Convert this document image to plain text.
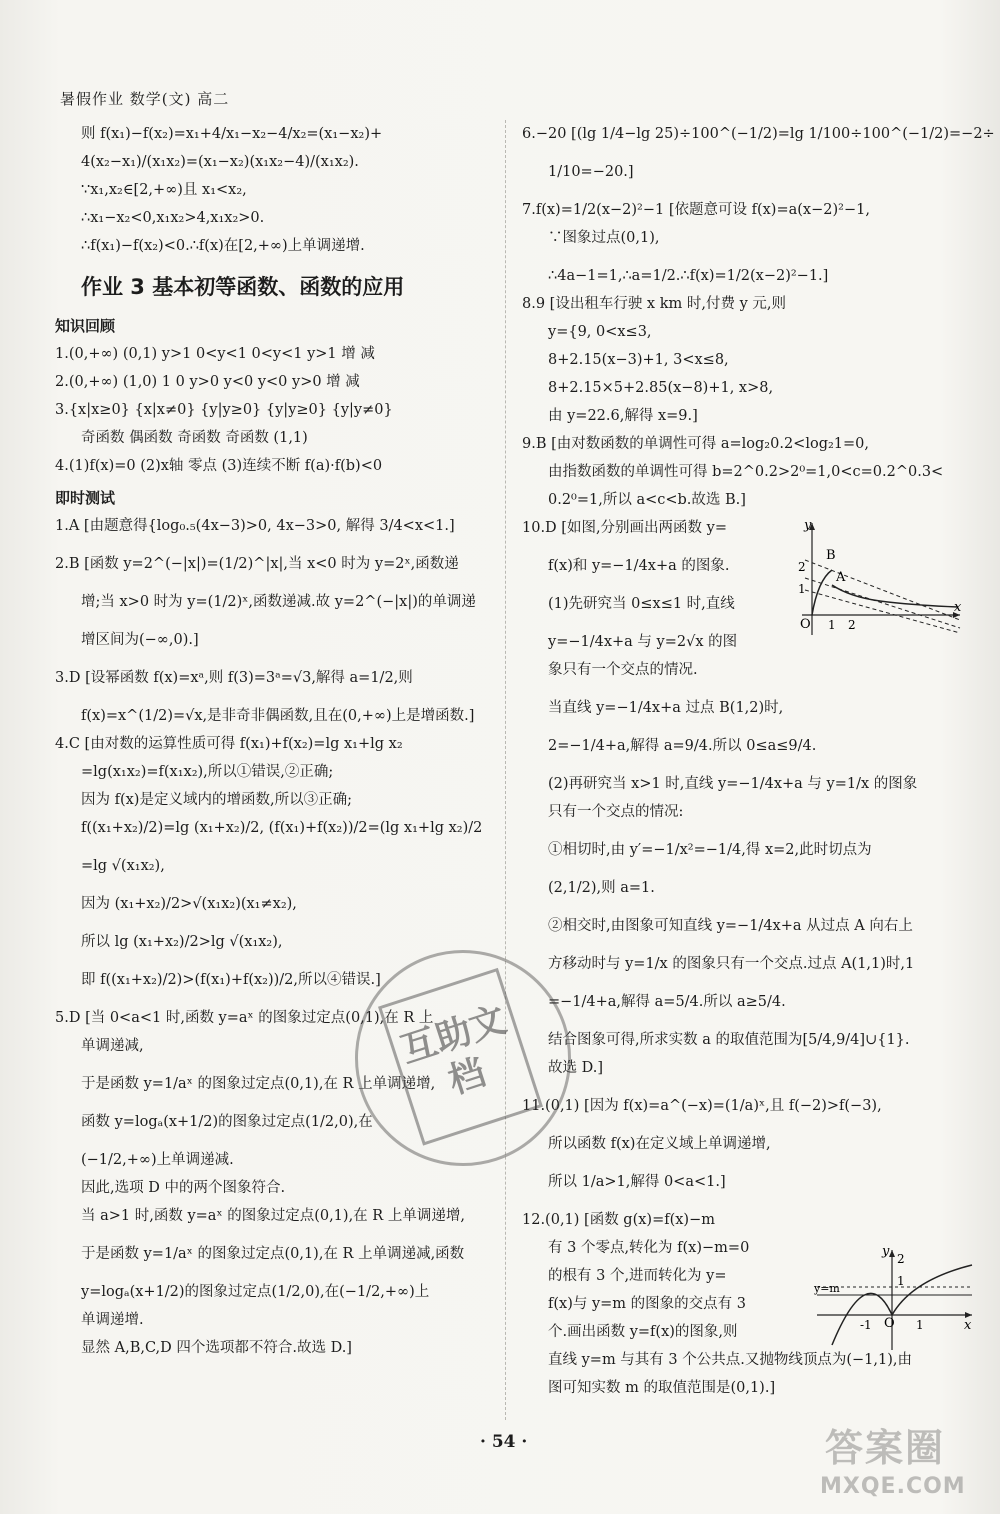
暑假作业 数学(文) 高二

则 f(x₁)−f(x₂)=x₁+4/x₁−x₂−4/x₂=(x₁−x₂)+

4(x₂−x₁)/(x₁x₂)=(x₁−x₂)(x₁x₂−4)/(x₁x₂).

∵x₁,x₂∈[2,+∞)且 x₁<x₂,

∴x₁−x₂<0,x₁x₂>4,x₁x₂>0.

∴f(x₁)−f(x₂)<0.∴f(x)在[2,+∞)上单调递增.

作业 3 基本初等函数、函数的应用
知识回顾

1.(0,+∞) (0,1) y>1 0<y<1 0<y<1 y>1 增 减

2.(0,+∞) (1,0) 1 0 y>0 y<0 y<0 y>0 增 减

3.{x|x≥0} {x|x≠0} {y|y≥0} {y|y≥0} {y|y≠0}

奇函数 偶函数 奇函数 奇函数 (1,1)

4.(1)f(x)=0 (2)x轴 零点 (3)连续不断 f(a)·f(b)<0

即时测试

1.A [由题意得{log₀.₅(4x−3)>0, 4x−3>0, 解得 3/4<x<1.]

2.B [函数 y=2^(−|x|)=(1/2)^|x|,当 x<0 时为 y=2ˣ,函数递

增;当 x>0 时为 y=(1/2)ˣ,函数递减.故 y=2^(−|x|)的单调递

增区间为(−∞,0).]

3.D [设幂函数 f(x)=xᵃ,则 f(3)=3ᵃ=√3,解得 a=1/2,则

f(x)=x^(1/2)=√x,是非奇非偶函数,且在(0,+∞)上是增函数.]

4.C [由对数的运算性质可得 f(x₁)+f(x₂)=lg x₁+lg x₂

=lg(x₁x₂)=f(x₁x₂),所以①错误,②正确;

因为 f(x)是定义域内的增函数,所以③正确;

f((x₁+x₂)/2)=lg (x₁+x₂)/2, (f(x₁)+f(x₂))/2=(lg x₁+lg x₂)/2

=lg √(x₁x₂),

因为 (x₁+x₂)/2>√(x₁x₂)(x₁≠x₂),

所以 lg (x₁+x₂)/2>lg √(x₁x₂),

即 f((x₁+x₂)/2)>(f(x₁)+f(x₂))/2,所以④错误.]

5.D [当 0<a<1 时,函数 y=aˣ 的图象过定点(0,1),在 R 上

单调递减,

于是函数 y=1/aˣ 的图象过定点(0,1),在 R 上单调递增,

函数 y=logₐ(x+1/2)的图象过定点(1/2,0),在

(−1/2,+∞)上单调递减.

因此,选项 D 中的两个图象符合.

当 a>1 时,函数 y=aˣ 的图象过定点(0,1),在 R 上单调递增,

于是函数 y=1/aˣ 的图象过定点(0,1),在 R 上单调递减,函数

y=logₐ(x+1/2)的图象过定点(1/2,0),在(−1/2,+∞)上

单调递增.

显然 A,B,C,D 四个选项都不符合.故选 D.]

6.−20 [(lg 1/4−lg 25)÷100^(−1/2)=lg 1/100÷100^(−1/2)=−2÷

1/10=−20.]

7.f(x)=1/2(x−2)²−1 [依题意可设 f(x)=a(x−2)²−1,

∵图象过点(0,1),

∴4a−1=1,∴a=1/2.∴f(x)=1/2(x−2)²−1.]

8.9 [设出租车行驶 x km 时,付费 y 元,则

y={9, 0<x≤3,

8+2.15(x−3)+1, 3<x≤8,

8+2.15×5+2.85(x−8)+1, x>8,

由 y=22.6,解得 x=9.]

9.B [由对数函数的单调性可得 a=log₂0.2<log₂1=0,

由指数函数的单调性可得 b=2^0.2>2⁰=1,0<c=0.2^0.3<

0.2⁰=1,所以 a<c<b.故选 B.]

10.D [如图,分别画出两函数 y=

f(x)和 y=−1/4x+a 的图象.

(1)先研究当 0≤x≤1 时,直线

y=−1/4x+a 与 y=2√x 的图

象只有一个交点的情况.

当直线 y=−1/4x+a 过点 B(1,2)时,

2=−1/4+a,解得 a=9/4.所以 0≤a≤9/4.

(2)再研究当 x>1 时,直线 y=−1/4x+a 与 y=1/x 的图象

只有一个交点的情况:

①相切时,由 y′=−1/x²=−1/4,得 x=2,此时切点为

(2,1/2),则 a=1.

②相交时,由图象可知直线 y=−1/4x+a 从过点 A 向右上

方移动时与 y=1/x 的图象只有一个交点.过点 A(1,1)时,1

=−1/4+a,解得 a=5/4.所以 a≥5/4.

结合图象可得,所求实数 a 的取值范围为[5/4,9/4]∪{1}.

故选 D.]

11.(0,1) [因为 f(x)=a^(−x)=(1/a)ˣ,且 f(−2)>f(−3),

所以函数 f(x)在定义域上单调递增,

所以 1/a>1,解得 0<a<1.]

12.(0,1) [函数 g(x)=f(x)−m

有 3 个零点,转化为 f(x)−m=0

的根有 3 个,进而转化为 y=

f(x)与 y=m 的图象的交点有 3

个.画出函数 y=f(x)的图象,则

直线 y=m 与其有 3 个公共点.又抛物线顶点为(−1,1),由

图可知实数 m 的取值范围是(0,1).]

y
x
O
B
A
2
1
1 2
y
x
O
y=m
2
1
-1	1
互助文档
· 54 ·	答案圈
MXQE.COM
